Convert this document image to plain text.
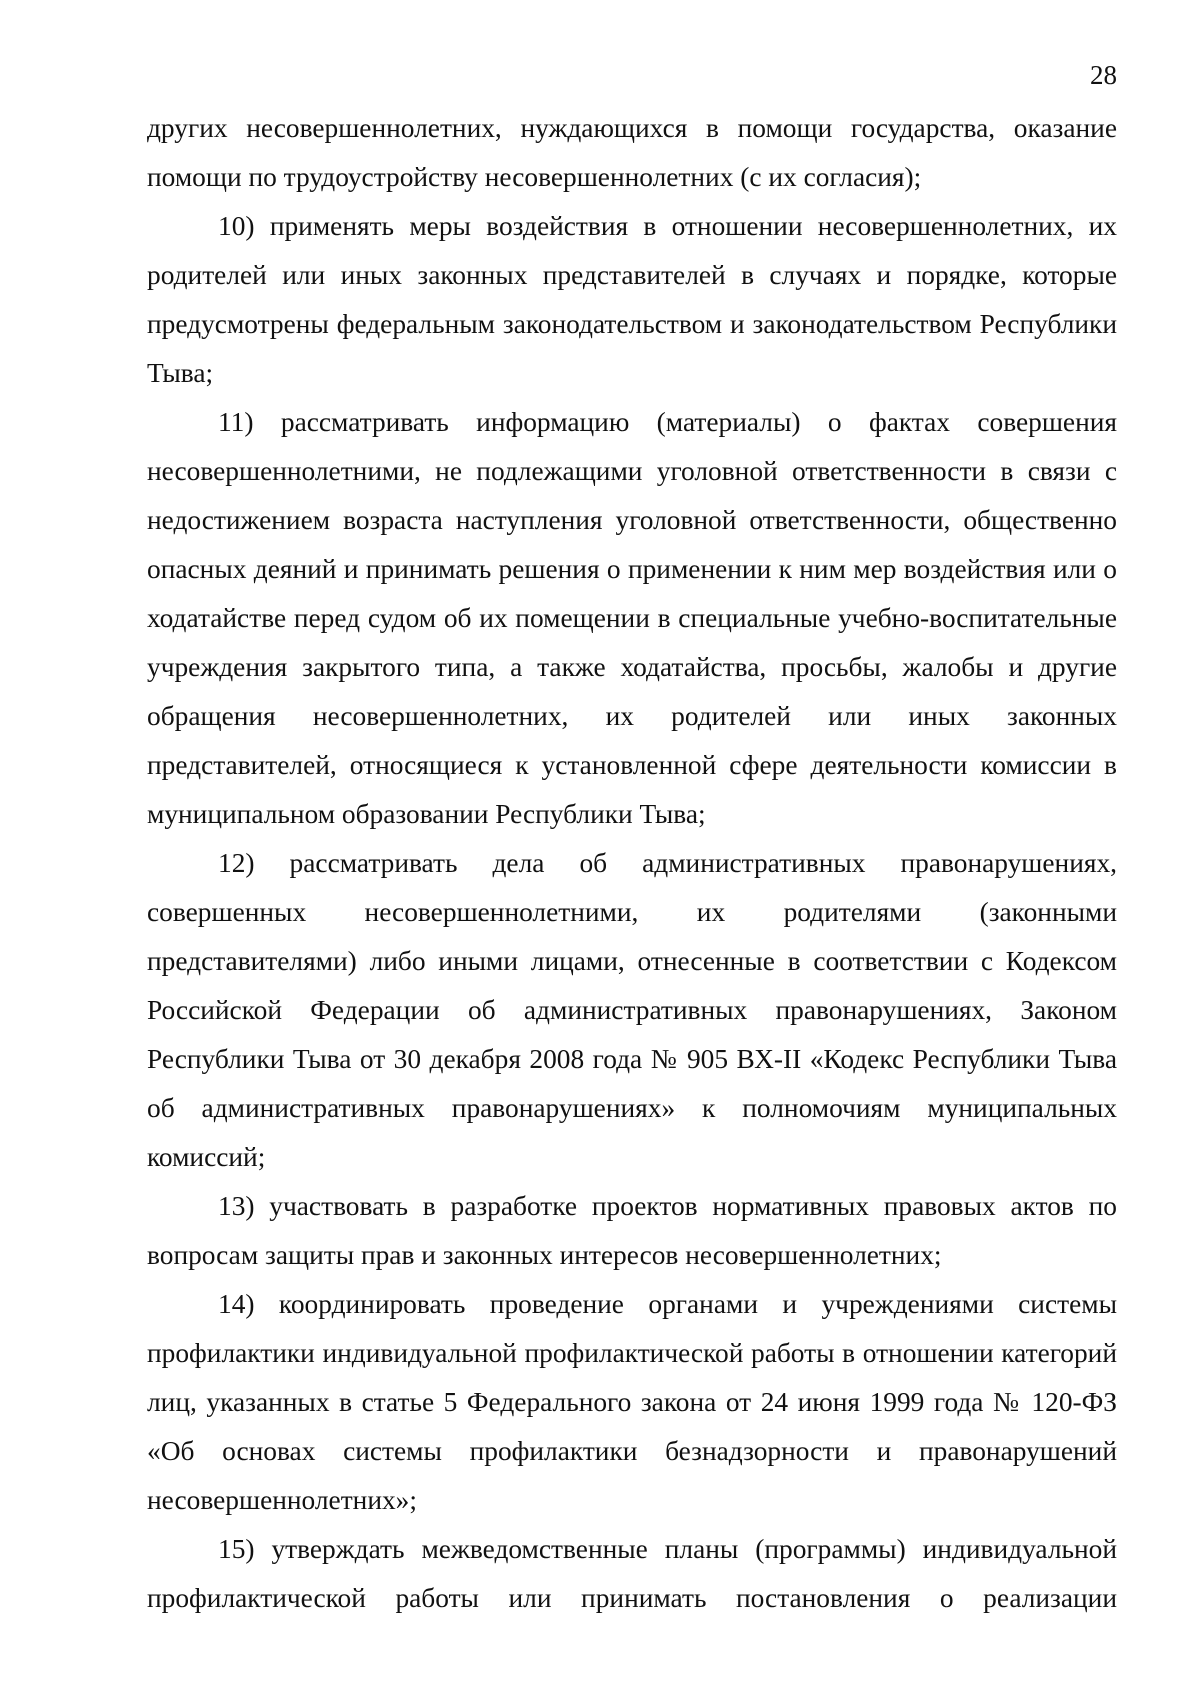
28

других несовершеннолетних, нуждающихся в помощи государства, оказание помощи по трудоустройству несовершеннолетних (с их согласия);

10) применять меры воздействия в отношении несовершеннолетних, их родителей или иных законных представителей в случаях и порядке, которые предусмотрены федеральным законодательством и законодательством Республики Тыва;

11) рассматривать информацию (материалы) о фактах совершения несовершеннолетними, не подлежащими уголовной ответственности в связи с недостижением возраста наступления уголовной ответственности, общественно опасных деяний и принимать решения о применении к ним мер воздействия или о ходатайстве перед судом об их помещении в специальные учебно-воспитательные учреждения закрытого типа, а также ходатайства, просьбы, жалобы и другие обращения несовершеннолетних, их родителей или иных законных представителей, относящиеся к установленной сфере деятельности комиссии в муниципальном образовании Республики Тыва;

12) рассматривать дела об административных правонарушениях, совершенных несовершеннолетними, их родителями (законными представителями) либо иными лицами, отнесенные в соответствии с Кодексом Российской Федерации об административных правонарушениях, Законом Республики Тыва от 30 декабря 2008 года № 905 ВХ-II «Кодекс Республики Тыва об административных правонарушениях» к полномочиям муниципальных комиссий;

13) участвовать в разработке проектов нормативных правовых актов по вопросам защиты прав и законных интересов несовершеннолетних;

14) координировать проведение органами и учреждениями системы профилактики индивидуальной профилактической работы в отношении категорий лиц, указанных в статье 5 Федерального закона от 24 июня 1999 года № 120-ФЗ «Об основах системы профилактики безнадзорности и правонарушений несовершеннолетних»;

15) утверждать межведомственные планы (программы) индивидуальной профилактической работы или принимать постановления о реализации
